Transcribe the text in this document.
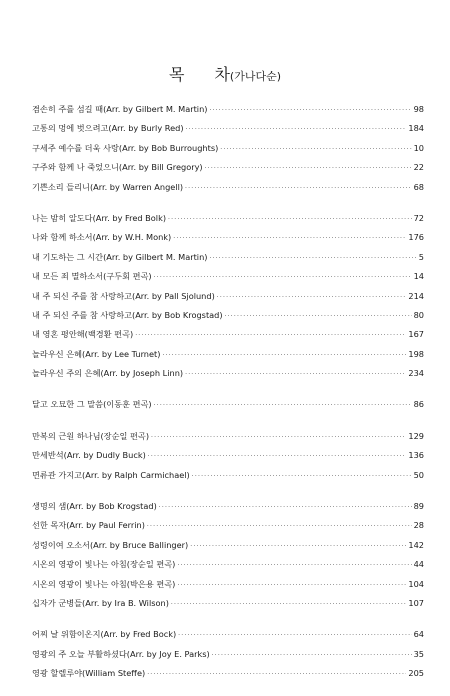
목 차(가나다순)
겸손히 주를 섬길 때(Arr. by Gilbert M. Martin) ·····	98
고통의 멍에 벗으려고(Arr. by Burly Red) ·····	184
구세주 예수를 더욱 사랑(Arr. by Bob Burroughts) ·····	10
구주와 함께 나 죽었으니(Arr. by Bill Gregory) ·····	22
기쁜소리 들리니(Arr. by Warren Angell) ·····	68
나는 밤히 알도다(Arr. by Fred Bolk) ·····	72
나와 함께 하소서(Arr. by W.H. Monk) ·····	176
내 기도하는 그 시간(Arr. by Gilbert M. Martin) ·····	5
내 모든 죄 멸하소서(구두회 편곡) ·····	14
내 주 되신 주를 참 사랑하고(Arr. by Pall Sjolund) ·····	214
내 주 되신 주를 참 사랑하고(Arr. by Bob Krogstad) ·····	80
내 영혼 평안해(백경환 편곡) ·····	167
놀라우신 은혜(Arr. by Lee Turnet) ·····	198
놀라우신 주의 은혜(Arr. by Joseph Linn) ·····	234
달고 오묘한 그 말씀(이동훈 편곡) ·····	86
만복의 근원 하나님(장순일 편곡) ·····	129
만세반석(Arr. by Dudly Buck) ·····	136
면류관 가지고(Arr. by Ralph Carmichael) ·····	50
생명의 샘(Arr. by Bob Krogstad) ·····	89
선한 목자(Arr. by Paul Ferrin) ·····	28
성령이여 오소서(Arr. by Bruce Ballinger) ·····	142
시온의 영광이 빛나는 아침(장순일 편곡) ·····	44
시온의 영광이 빛나는 아침(박은용 편곡) ·····	104
십자가 군병들(Arr. by Ira B. Wilson) ·····	107
어찌 날 위함이온지(Arr. by Fred Bock) ·····	64
영광의 주 오늘 부활하셨다(Arr. by Joy E. Parks) ·····	35
영광 할렐루야(William Steffe) ·····	205
